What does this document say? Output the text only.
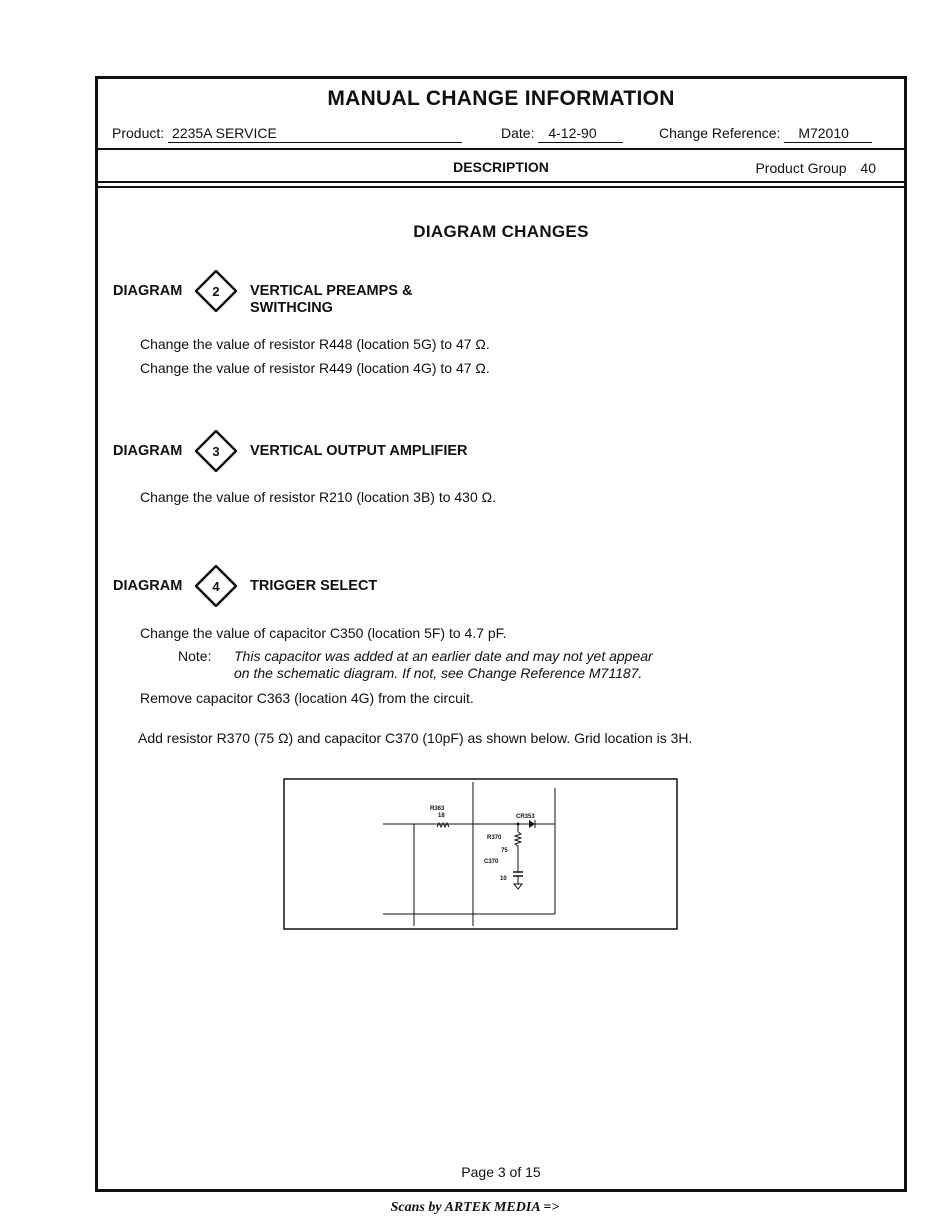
MANUAL CHANGE INFORMATION
Product: 2235A SERVICE	Date: 4-12-90	Change Reference: M72010
DESCRIPTION	Product Group 40
DIAGRAM CHANGES
DIAGRAM 2 VERTICAL PREAMPS &
SWITHCING
Change the value of resistor R448 (location 5G) to 47 Ω.
Change the value of resistor R449 (location 4G) to 47 Ω.
DIAGRAM 3 VERTICAL OUTPUT AMPLIFIER
Change the value of resistor R210 (location 3B) to 430 Ω.
DIAGRAM 4 TRIGGER SELECT
Change the value of capacitor C350 (location 5F) to 4.7 pF.
Note: This capacitor was added at an earlier date and may not yet appear
on the schematic diagram. If not, see Change Reference M71187.
Remove capacitor C363 (location 4G) from the circuit.
Add resistor R370 (75 Ω) and capacitor C370 (10pF) as shown below. Grid location is 3H.
Page 3 of 15
R363
18	CR353
R370
75
C370
10
Scans by ARTEK MEDIA =>
